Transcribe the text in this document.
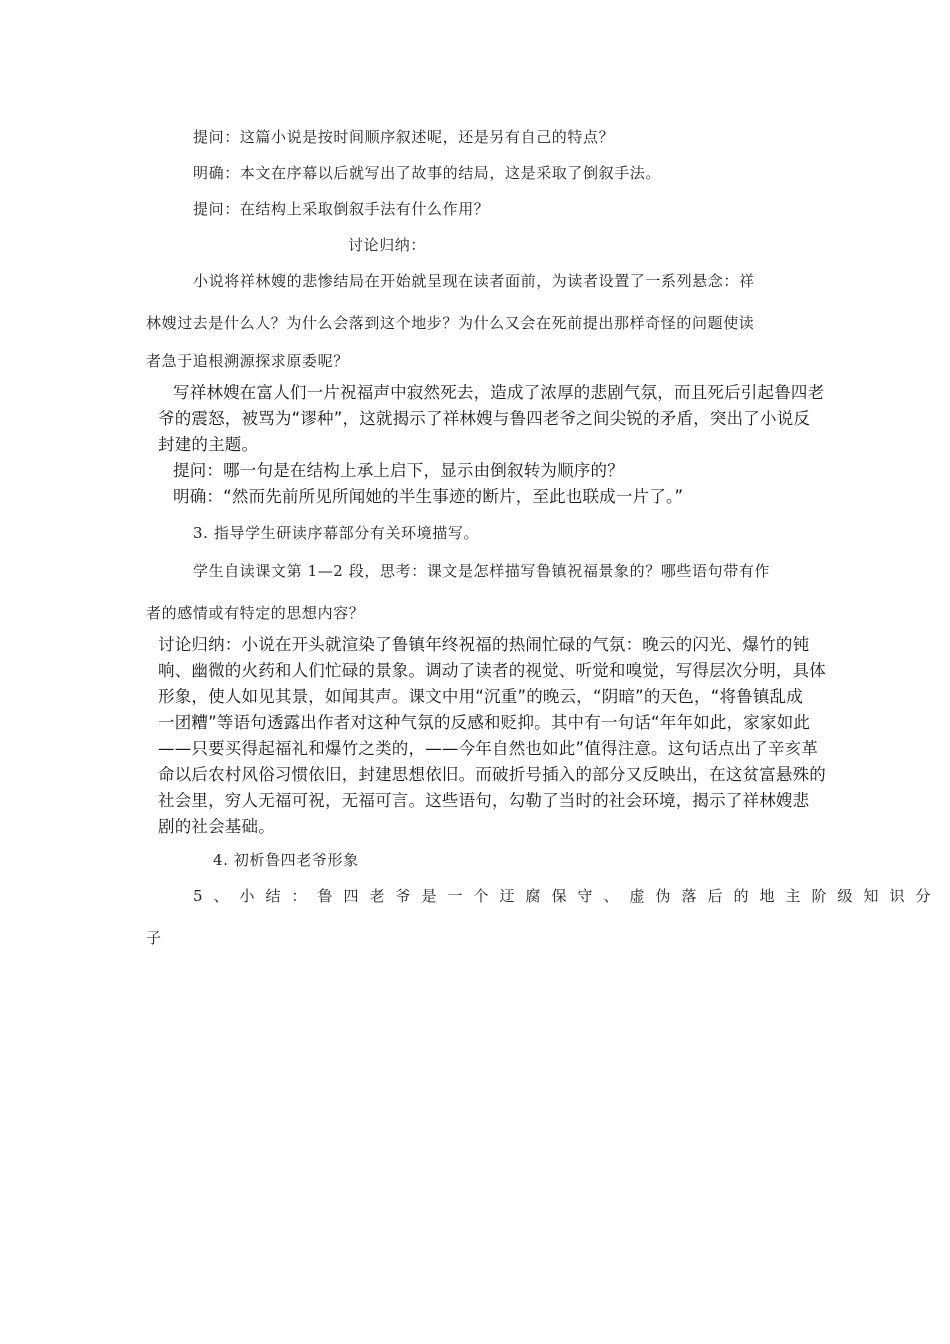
提问：这篇小说是按时间顺序叙述呢，还是另有自己的特点？
明确：本文在序幕以后就写出了故事的结局，这是采取了倒叙手法。
提问：在结构上采取倒叙手法有什么作用？
讨论归纳：
小说将祥林嫂的悲惨结局在开始就呈现在读者面前，为读者设置了一系列悬念：祥
林嫂过去是什么人？为什么会落到这个地步？为什么又会在死前提出那样奇怪的问题使读
者急于追根溯源探求原委呢？
写祥林嫂在富人们一片祝福声中寂然死去，造成了浓厚的悲剧气氛，而且死后引起鲁四老
爷的震怒，被骂为“谬种”，这就揭示了祥林嫂与鲁四老爷之间尖锐的矛盾，突出了小说反
封建的主题。
提问：哪一句是在结构上承上启下，显示由倒叙转为顺序的？
明确：“然而先前所见所闻她的半生事迹的断片，至此也联成一片了。”
3. 指导学生研读序幕部分有关环境描写。
学生自读课文第 1—2 段，思考：课文是怎样描写鲁镇祝福景象的？哪些语句带有作
者的感情或有特定的思想内容？
讨论归纳：小说在开头就渲染了鲁镇年终祝福的热闹忙碌的气氛：晚云的闪光、爆竹的钝
响、幽微的火药和人们忙碌的景象。调动了读者的视觉、听觉和嗅觉，写得层次分明，具体
形象，使人如见其景，如闻其声。课文中用“沉重”的晚云，“阴暗”的天色，“将鲁镇乱成
一团糟”等语句透露出作者对这种气氛的反感和贬抑。其中有一句话“年年如此，家家如此
——只要买得起福礼和爆竹之类的，——今年自然也如此”值得注意。这句话点出了辛亥革
命以后农村风俗习惯依旧，封建思想依旧。而破折号插入的部分又反映出，在这贫富悬殊的
社会里，穷人无福可祝，无福可言。这些语句，勾勒了当时的社会环境，揭示了祥林嫂悲
剧的社会基础。
4. 初析鲁四老爷形象
5、小结：鲁四老爷是一个迂腐保守、虚伪落后的地主阶级知识分
子
